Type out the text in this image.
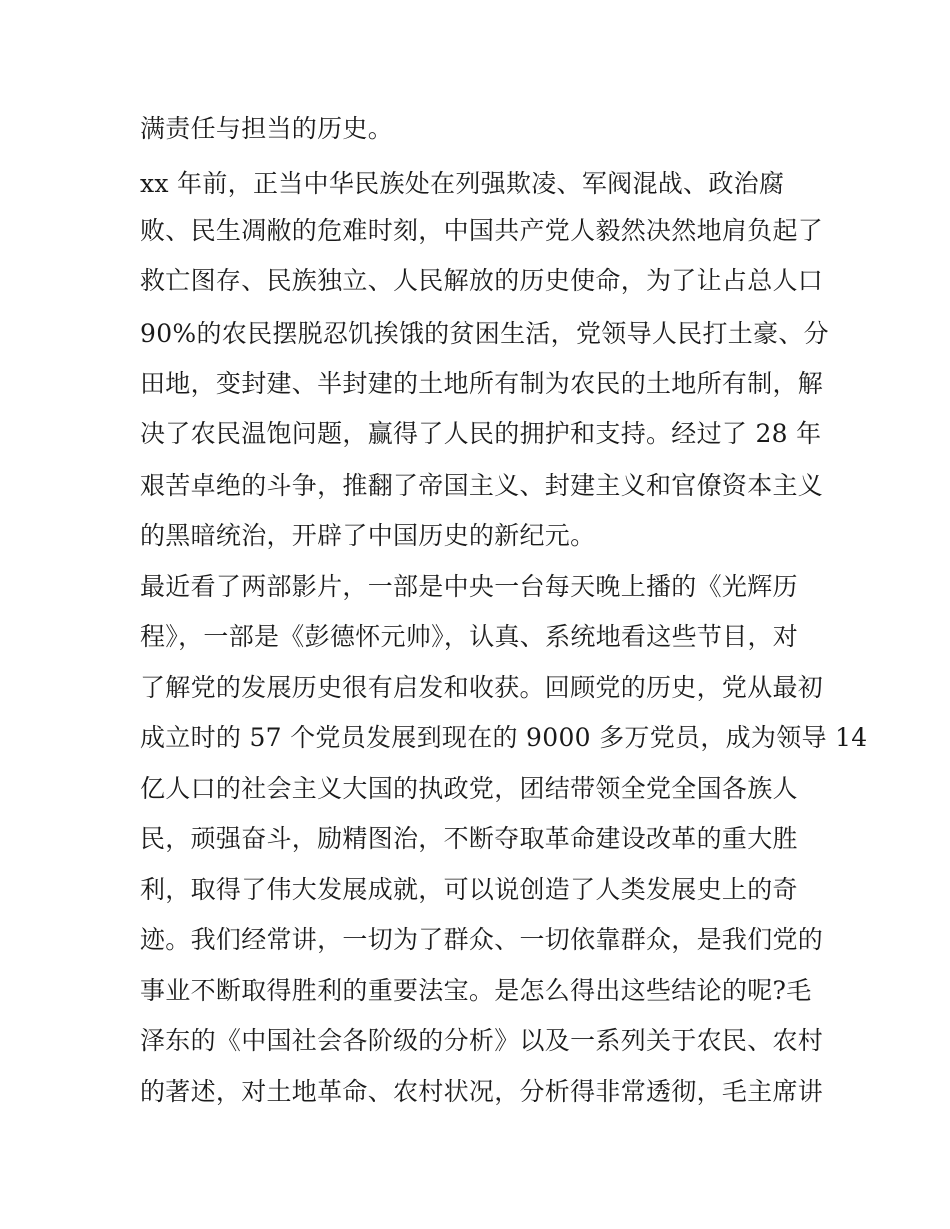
满责任与担当的历史。
xx 年前，正当中华民族处在列强欺凌、军阀混战、政治腐
败、民生凋敝的危难时刻，中国共产党人毅然决然地肩负起了
救亡图存、民族独立、人民解放的历史使命，为了让占总人口
90%的农民摆脱忍饥挨饿的贫困生活，党领导人民打土豪、分
田地，变封建、半封建的土地所有制为农民的土地所有制，解
决了农民温饱问题，赢得了人民的拥护和支持。经过了 28 年
艰苦卓绝的斗争，推翻了帝国主义、封建主义和官僚资本主义
的黑暗统治，开辟了中国历史的新纪元。
最近看了两部影片，一部是中央一台每天晚上播的《光辉历
程》，一部是《彭德怀元帅》，认真、系统地看这些节目，对
了解党的发展历史很有启发和收获。回顾党的历史，党从最初
成立时的 57 个党员发展到现在的 9000 多万党员，成为领导 14
亿人口的社会主义大国的执政党，团结带领全党全国各族人
民，顽强奋斗，励精图治，不断夺取革命建设改革的重大胜
利，取得了伟大发展成就，可以说创造了人类发展史上的奇
迹。我们经常讲，一切为了群众、一切依靠群众，是我们党的
事业不断取得胜利的重要法宝。是怎么得出这些结论的呢?毛
泽东的《中国社会各阶级的分析》以及一系列关于农民、农村
的著述，对土地革命、农村状况，分析得非常透彻，毛主席讲
